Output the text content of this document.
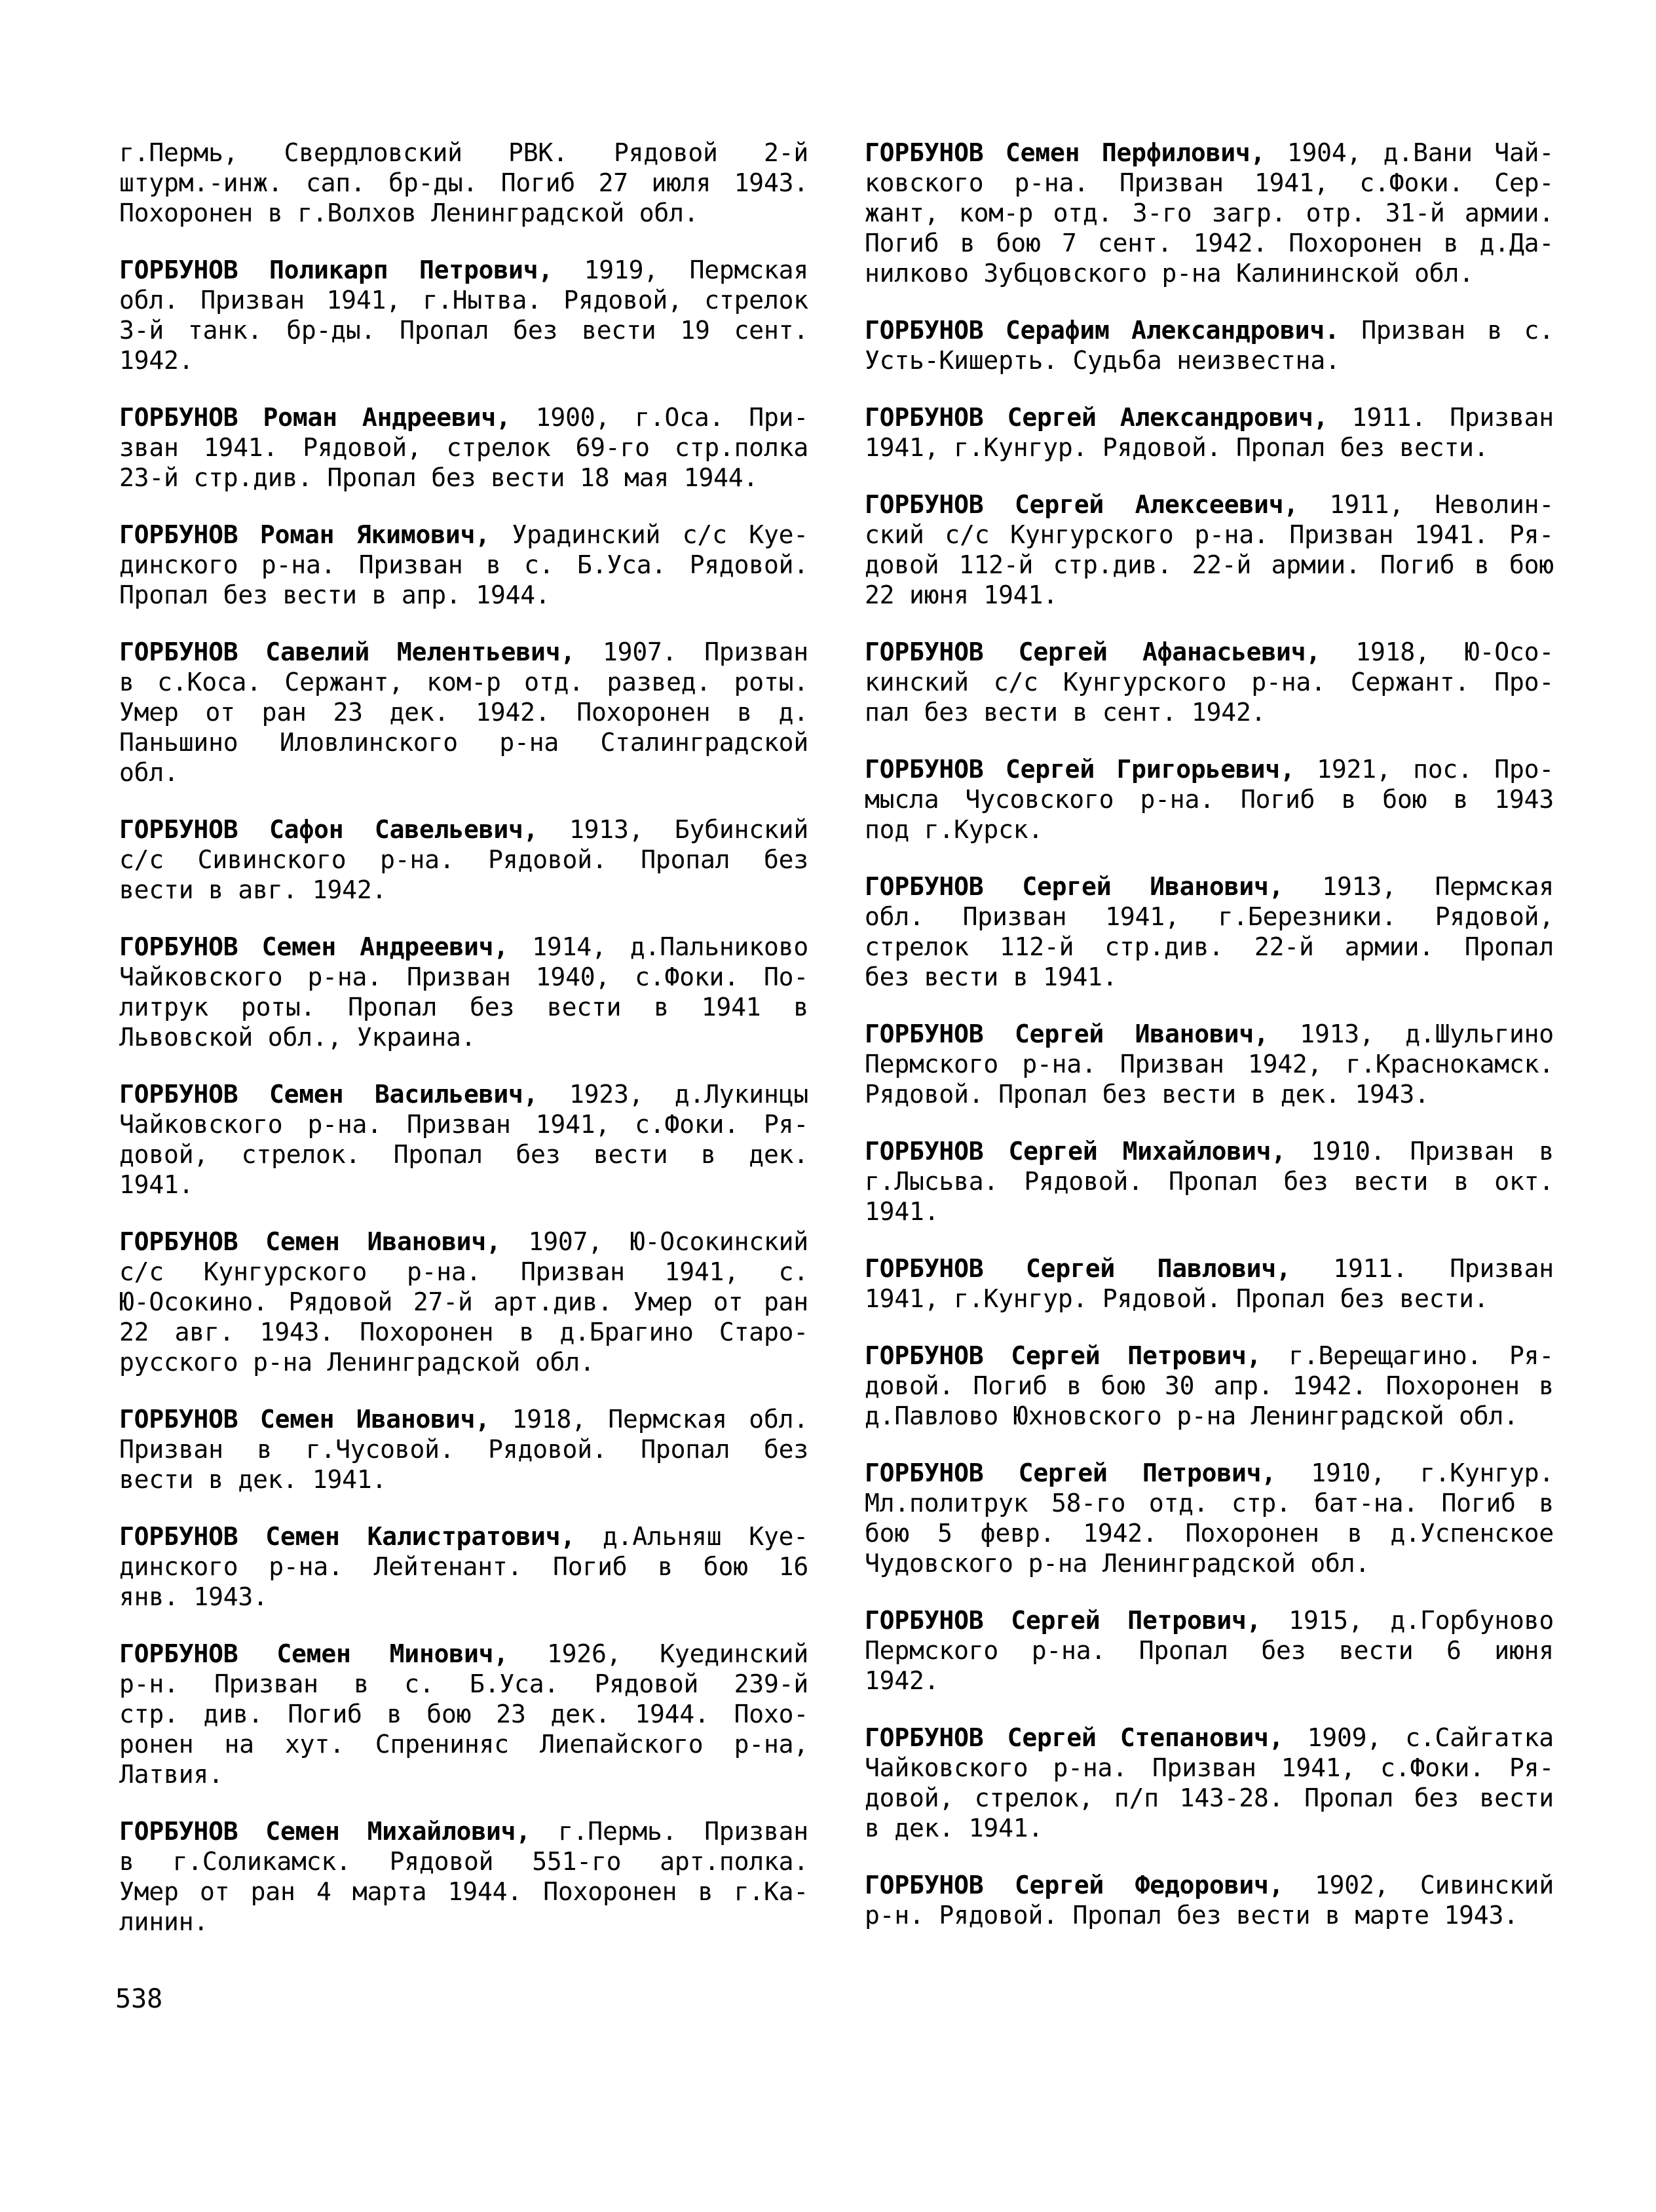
г.Пермь, Свердловский РВК. Рядовой 2-й
штурм.-инж. сап. бр-ды. Погиб 27 июля 1943.
Похоронен в г.Волхов Ленинградской обл.
ГОРБУНОВ Поликарп Петрович, 1919, Пермская
обл. Призван 1941, г.Нытва. Рядовой, стрелок
3-й танк. бр-ды. Пропал без вести 19 сент.
1942.
ГОРБУНОВ Роман Андреевич, 1900, г.Оса. При-
зван 1941. Рядовой, стрелок 69-го стр.полка
23-й стр.див. Пропал без вести 18 мая 1944.
ГОРБУНОВ Роман Якимович, Урадинский с/с Куе-
динского р-на. Призван в с. Б.Уса. Рядовой.
Пропал без вести в апр. 1944.
ГОРБУНОВ Савелий Мелентьевич, 1907. Призван
в с.Коса. Сержант, ком-р отд. развед. роты.
Умер от ран 23 дек. 1942. Похоронен в д.
Паньшино Иловлинского р-на Сталинградской
обл.
ГОРБУНОВ Сафон Савельевич, 1913, Бубинский
с/с Сивинского р-на. Рядовой. Пропал без
вести в авг. 1942.
ГОРБУНОВ Семен Андреевич, 1914, д.Пальниково
Чайковского р-на. Призван 1940, с.Фоки. По-
литрук роты. Пропал без вести в 1941 в
Львовской обл., Украина.
ГОРБУНОВ Семен Васильевич, 1923, д.Лукинцы
Чайковского р-на. Призван 1941, с.Фоки. Ря-
довой, стрелок. Пропал без вести в дек.
1941.
ГОРБУНОВ Семен Иванович, 1907, Ю-Осокинский
с/с Кунгурского р-на. Призван 1941, с.
Ю-Осокино. Рядовой 27-й арт.див. Умер от ран
22 авг. 1943. Похоронен в д.Брагино Старо-
русского р-на Ленинградской обл.
ГОРБУНОВ Семен Иванович, 1918, Пермская обл.
Призван в г.Чусовой. Рядовой. Пропал без
вести в дек. 1941.
ГОРБУНОВ Семен Калистратович, д.Альняш Куе-
динского р-на. Лейтенант. Погиб в бою 16
янв. 1943.
ГОРБУНОВ Семен Минович, 1926, Куединский
р-н. Призван в с. Б.Уса. Рядовой 239-й
стр. див. Погиб в бою 23 дек. 1944. Похо-
ронен на хут. Спрениняс Лиепайского р-на,
Латвия.
ГОРБУНОВ Семен Михайлович, г.Пермь. Призван
в г.Соликамск. Рядовой 551-го арт.полка.
Умер от ран 4 марта 1944. Похоронен в г.Ка-
линин.
ГОРБУНОВ Семен Перфилович, 1904, д.Вани Чай-
ковского р-на. Призван 1941, с.Фоки. Сер-
жант, ком-р отд. 3-го загр. отр. 31-й армии.
Погиб в бою 7 сент. 1942. Похоронен в д.Да-
нилково Зубцовского р-на Калининской обл.
ГОРБУНОВ Серафим Александрович. Призван в с.
Усть-Кишерть. Судьба неизвестна.
ГОРБУНОВ Сергей Александрович, 1911. Призван
1941, г.Кунгур. Рядовой. Пропал без вести.
ГОРБУНОВ Сергей Алексеевич, 1911, Неволин-
ский с/с Кунгурского р-на. Призван 1941. Ря-
довой 112-й стр.див. 22-й армии. Погиб в бою
22 июня 1941.
ГОРБУНОВ Сергей Афанасьевич, 1918, Ю-Осо-
кинский с/с Кунгурского р-на. Сержант. Про-
пал без вести в сент. 1942.
ГОРБУНОВ Сергей Григорьевич, 1921, пос. Про-
мысла Чусовского р-на. Погиб в бою в 1943
под г.Курск.
ГОРБУНОВ Сергей Иванович, 1913, Пермская
обл. Призван 1941, г.Березники. Рядовой,
стрелок 112-й стр.див. 22-й армии. Пропал
без вести в 1941.
ГОРБУНОВ Сергей Иванович, 1913, д.Шульгино
Пермского р-на. Призван 1942, г.Краснокамск.
Рядовой. Пропал без вести в дек. 1943.
ГОРБУНОВ Сергей Михайлович, 1910. Призван в
г.Лысьва. Рядовой. Пропал без вести в окт.
1941.
ГОРБУНОВ Сергей Павлович, 1911. Призван
1941, г.Кунгур. Рядовой. Пропал без вести.
ГОРБУНОВ Сергей Петрович, г.Верещагино. Ря-
довой. Погиб в бою 30 апр. 1942. Похоронен в
д.Павлово Юхновского р-на Ленинградской обл.
ГОРБУНОВ Сергей Петрович, 1910, г.Кунгур.
Мл.политрук 58-го отд. стр. бат-на. Погиб в
бою 5 февр. 1942. Похоронен в д.Успенское
Чудовского р-на Ленинградской обл.
ГОРБУНОВ Сергей Петрович, 1915, д.Горбуново
Пермского р-на. Пропал без вести 6 июня
1942.
ГОРБУНОВ Сергей Степанович, 1909, с.Сайгатка
Чайковского р-на. Призван 1941, с.Фоки. Ря-
довой, стрелок, п/п 143-28. Пропал без вести
в дек. 1941.
ГОРБУНОВ Сергей Федорович, 1902, Сивинский
р-н. Рядовой. Пропал без вести в марте 1943.
538
